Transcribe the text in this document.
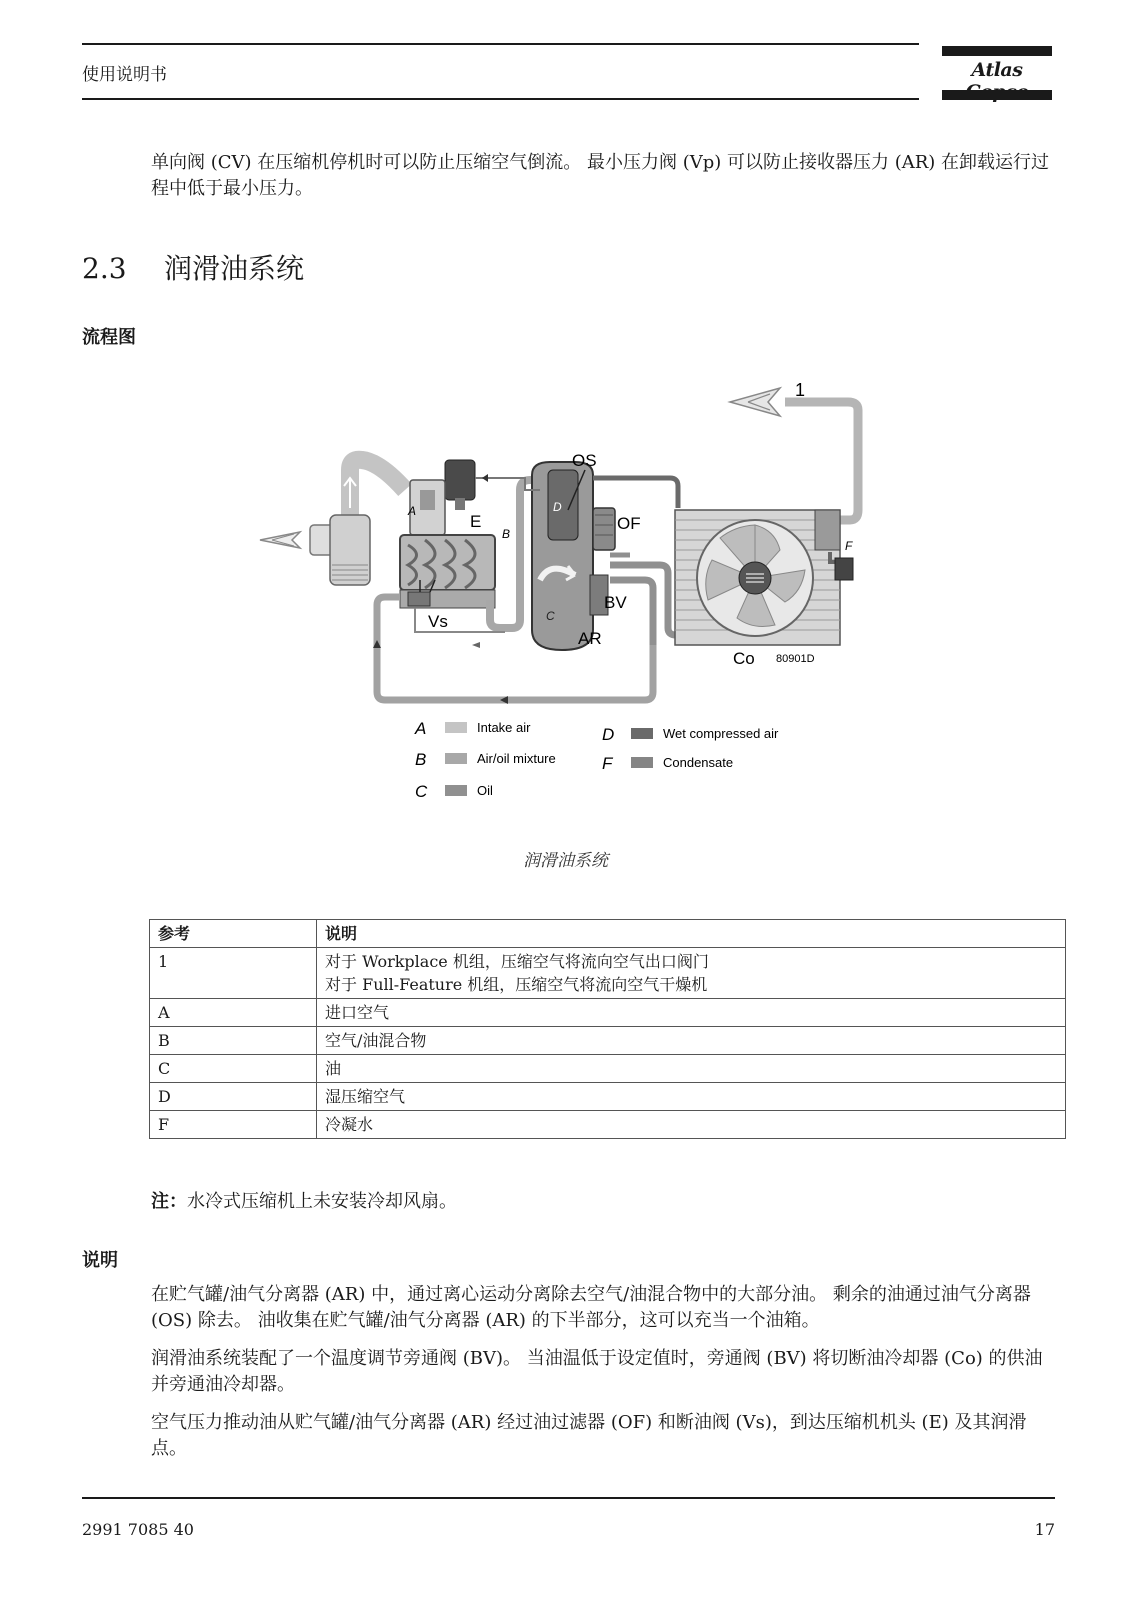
使用说明书	Atlas
单向阀 (CV) 在压缩机停机时可以防止压缩空气倒流。 最小压力阀 (Vp) 可以防止接收器压力 (AR) 在卸载运行过程中低于最小压力。
2.3 润滑油系统
流程图
1
A
E
Vs
B
OS
D
C
AR
OF
BV
Co 80901D
F
A	Intake air
B	Air/oil mixture
C	Oil
D	Wet compressed air
F	Condensate
润滑油系统
参考	说明
1	对于 Workplace 机组，压缩空气将流向空气出口阀门
对于 Full-Feature 机组，压缩空气将流向空气干燥机

A	进口空气
B	空气/油混合物
C	油
D	湿压缩空气
F	冷凝水
注：水冷式压缩机上未安装冷却风扇。
说明
在贮气罐/油气分离器 (AR) 中，通过离心运动分离除去空气/油混合物中的大部分油。 剩余的油通过油气分离器 (OS) 除去。 油收集在贮气罐/油气分离器 (AR) 的下半部分，这可以充当一个油箱。
润滑油系统装配了一个温度调节旁通阀 (BV)。 当油温低于设定值时，旁通阀 (BV) 将切断油冷却器 (Co) 的供油并旁通油冷却器。
空气压力推动油从贮气罐/油气分离器 (AR) 经过油过滤器 (OF) 和断油阀 (Vs)，到达压缩机机头 (E) 及其润滑点。
2991 7085 40	17
